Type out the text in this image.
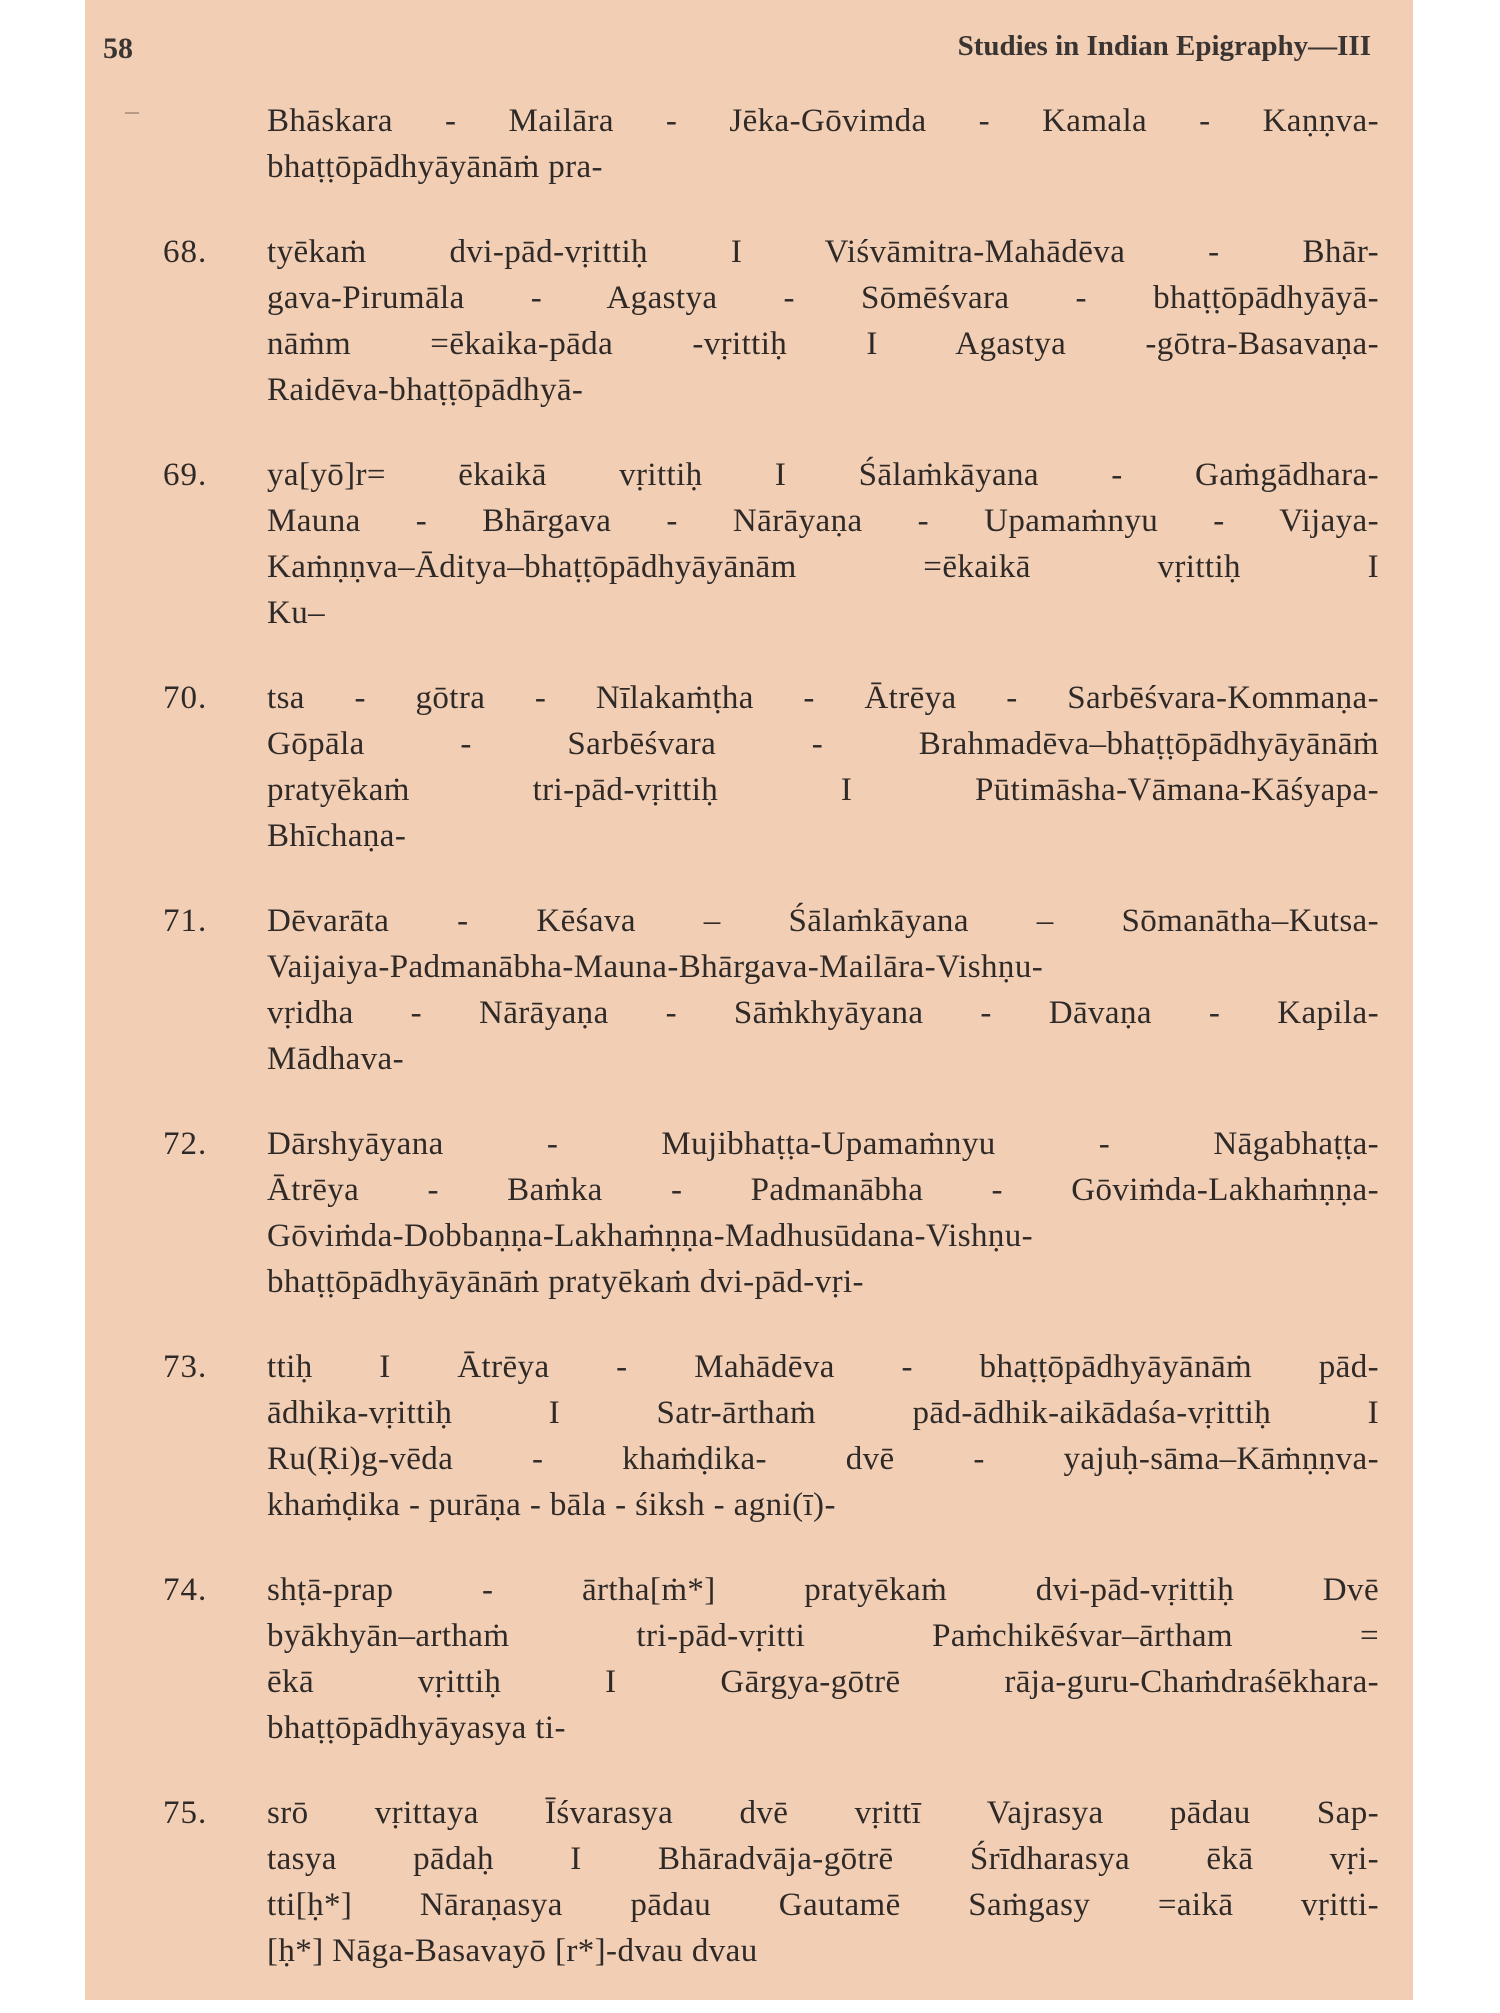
58	Studies in Indian Epigraphy—III
Bhāskara - Mailāra - Jēka-Gōvimda - Kamala - Kaṇṇva-
bhaṭṭōpādhyāyānāṁ pra-
68. tyēkaṁ dvi-pād-vṛittiḥ I Viśvāmitra-Mahādēva - Bhār-
gava-Pirumāla - Agastya - Sōmēśvara - bhaṭṭōpādhyāyā-
nāṁm =ēkaika-pāda -vṛittiḥ I Agastya -gōtra-Basavaṇa-
Raidēva-bhaṭṭōpādhyā-
69. ya[yō]r= ēkaikā vṛittiḥ I Śālaṁkāyana - Gaṁgādhara-
Mauna - Bhārgava - Nārāyaṇa - Upamaṁnyu - Vijaya-
Kaṁṇṇva–Āditya–bhaṭṭōpādhyāyānām =ēkaikā vṛittiḥ I
Ku–
70. tsa - gōtra - Nīlakaṁṭha - Ātrēya - Sarbēśvara-Kommaṇa-
Gōpāla - Sarbēśvara - Brahmadēva–bhaṭṭōpādhyāyānāṁ
pratyēkaṁ tri-pād-vṛittiḥ I Pūtimāsha-Vāmana-Kāśyapa-
Bhīchaṇa-
71. Dēvarāta - Kēśava – Śālaṁkāyana – Sōmanātha–Kutsa-
Vaijaiya-Padmanābha-Mauna-Bhārgava-Mailāra-Vishṇu-
vṛidha - Nārāyaṇa - Sāṁkhyāyana - Dāvaṇa - Kapila-
Mādhava-
72. Dārshyāyana - Mujibhaṭṭa-Upamaṁnyu - Nāgabhaṭṭa-
Ātrēya - Baṁka - Padmanābha - Gōviṁda-Lakhaṁṇṇa-
Gōviṁda-Dobbaṇṇa-Lakhaṁṇṇa-Madhusūdana-Vishṇu-
bhaṭṭōpādhyāyānāṁ pratyēkaṁ dvi-pād-vṛi-
73. ttiḥ I Ātrēya - Mahādēva - bhaṭṭōpādhyāyānāṁ pād-
ādhika-vṛittiḥ I Satr-ārthaṁ pād-ādhik-aikādaśa-vṛittiḥ I
Ru(Ṛi)g-vēda - khaṁḍika- dvē - yajuḥ-sāma–Kāṁṇṇva-
khaṁḍika - purāṇa - bāla - śiksh - agni(ī)-
74. shṭā-prap - ārtha[ṁ*] pratyēkaṁ dvi-pād-vṛittiḥ Dvē
byākhyān–arthaṁ tri-pād-vṛitti Paṁchikēśvar–ārtham =
ēkā vṛittiḥ I Gārgya-gōtrē rāja-guru-Chaṁdraśēkhara-
bhaṭṭōpādhyāyasya ti-
75. srō vṛittaya Īśvarasya dvē vṛittī Vajrasya pādau Sap-
tasya pādaḥ I Bhāradvāja-gōtrē Śrīdharasya ēkā vṛi-
tti[ḥ*] Nāraṇasya pādau Gautamē Saṁgasy =aikā vṛitti-
[ḥ*] Nāga-Basavayō [r*]-dvau dvau
